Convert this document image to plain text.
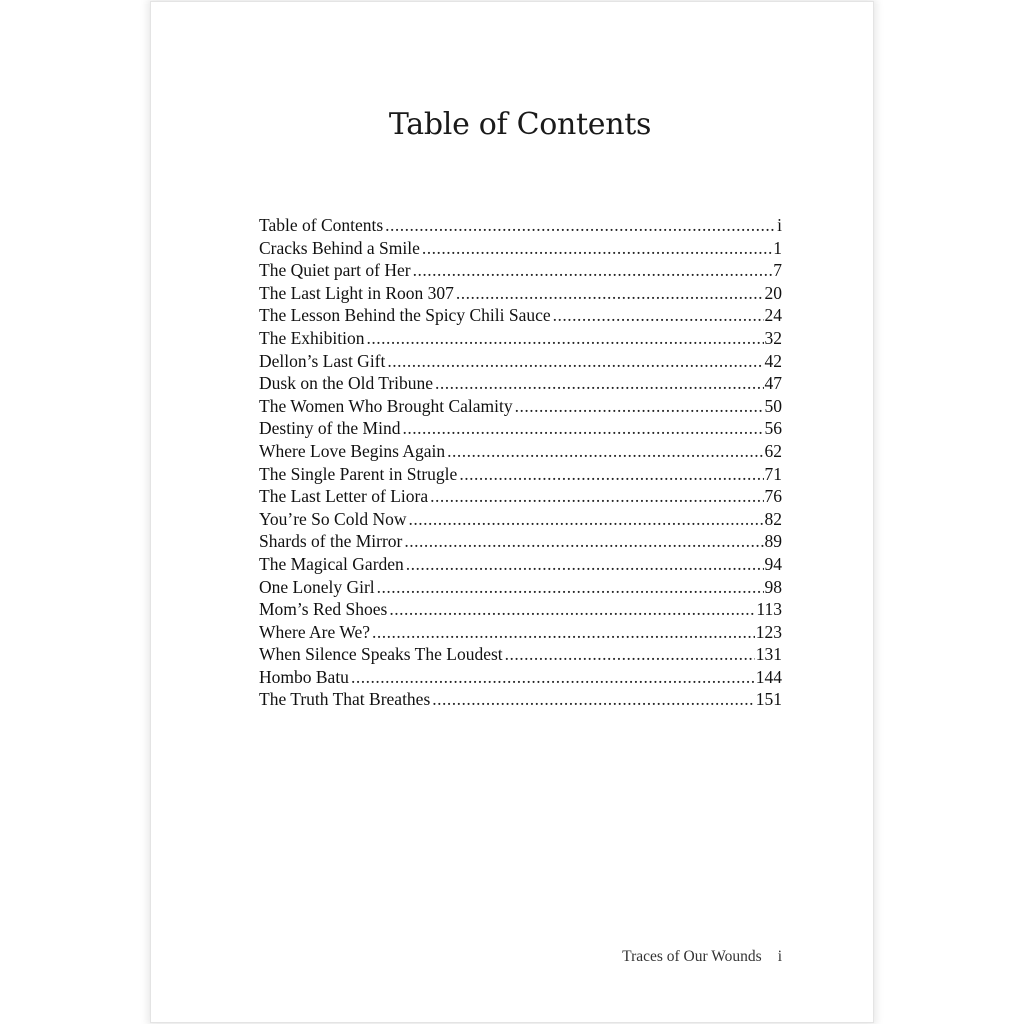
Table of Contents
Table of Contents .....	i
Cracks Behind a Smile .....	1
The Quiet part of Her .....	7
The Last Light in Roon 307 .....	20
The Lesson Behind the Spicy Chili Sauce .....	24
The Exhibition .....	32
Dellon’s Last Gift .....	42
Dusk on the Old Tribune .....	47
The Women Who Brought Calamity .....	50
Destiny of the Mind .....	56
Where Love Begins Again .....	62
The Single Parent in Strugle .....	71
The Last Letter of Liora .....	76
You’re So Cold Now .....	82
Shards of the Mirror .....	89
The Magical Garden .....	94
One Lonely Girl .....	98
Mom’s Red Shoes .....	113
Where Are We? .....	123
When Silence Speaks The Loudest .....	131
Hombo Batu .....	144
The Truth That Breathes .....	151
Traces of Our Wounds i
